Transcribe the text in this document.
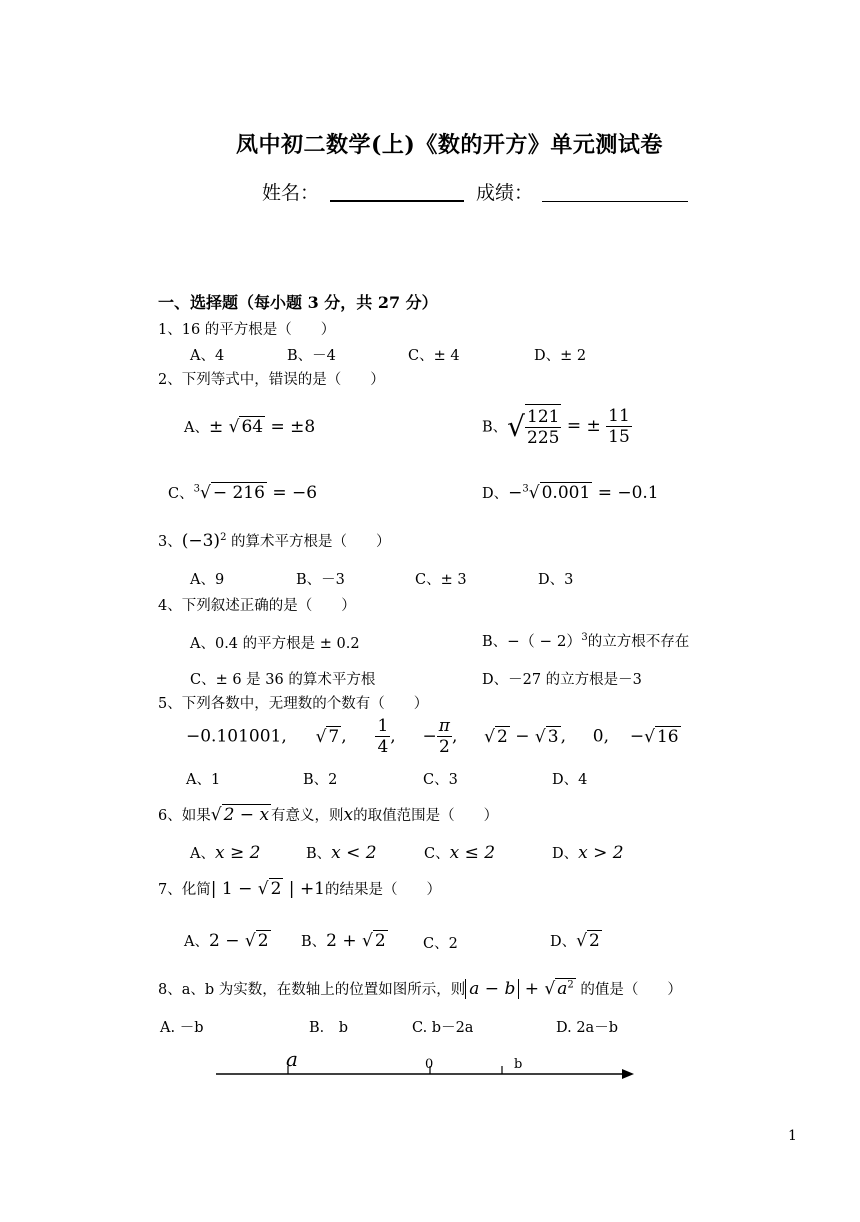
凤中初二数学(上)《数的开方》单元测试卷
姓名：	成绩：
一、选择题（每小题 3 分，共 27 分）
1、16 的平方根是（　　）
A、4	B、－4	C、± 4	D、± 2
2、下列等式中，错误的是（　　）
A、± √ 64 = ±8	B、√ $\frac{121}{225}$ = ± $\frac{11}{15}$
C、$^3$√ − 216 = −6	D、−$^3$√ 0.001 = −0.1
3、$(-3)^2$ 的算术平方根是（　　）
A、9	B、－3	C、± 3	D、3
4、下列叙述正确的是（　　）
A、0.4 的平方根是 ± 0.2	B、−（ − 2）$^3$的立方根不存在
C、± 6 是 36 的算术平方根	D、－27 的立方根是－3
5、下列各数中，无理数的个数有（　　）
−0.101001, √ 7 , $\frac{1}{4}$ , − $\frac{\pi}{2}$ , √ 2 − √ 3 , 0, −√ 16
A、1	B、2	C、3	D、4
6、如果√ 2 − x 有意义，则x的取值范围是（　　）
A、x ≥ 2	B、x < 2	C、x ≤ 2	D、x > 2
7、化简| 1 − √ 2 | +1的结果是（　　）
A、2 − √ 2 B、2 + √ 2	C、2	D、√ 2
8、a、b 为实数，在数轴上的位置如图所示，则 a − b + √ $a^2$ 的值是（　　）
A. －b	B． b	C. b－2a	D. 2a－b
a	0	b
1
